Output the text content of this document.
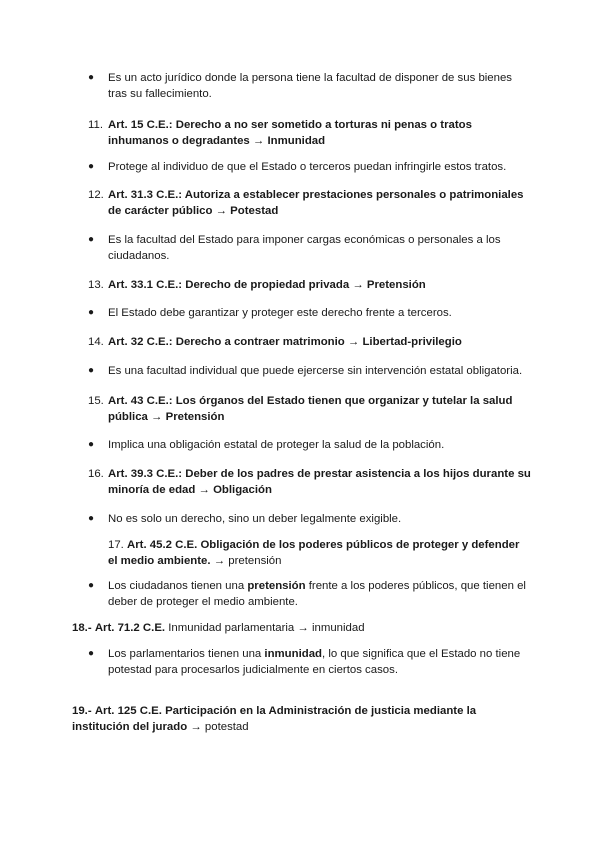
● Es un acto jurídico donde la persona tiene la facultad de disponer de sus bienes tras su fallecimiento.
11. Art. 15 C.E.: Derecho a no ser sometido a torturas ni penas o tratos inhumanos o degradantes → Inmunidad
● Protege al individuo de que el Estado o terceros puedan infringirle estos tratos.
12. Art. 31.3 C.E.: Autoriza a establecer prestaciones personales o patrimoniales de carácter público → Potestad
● Es la facultad del Estado para imponer cargas económicas o personales a los ciudadanos.
13. Art. 33.1 C.E.: Derecho de propiedad privada → Pretensión
● El Estado debe garantizar y proteger este derecho frente a terceros.
14. Art. 32 C.E.: Derecho a contraer matrimonio → Libertad-privilegio
● Es una facultad individual que puede ejercerse sin intervención estatal obligatoria.
15. Art. 43 C.E.: Los órganos del Estado tienen que organizar y tutelar la salud pública → Pretensión
● Implica una obligación estatal de proteger la salud de la población.
16. Art. 39.3 C.E.: Deber de los padres de prestar asistencia a los hijos durante su minoría de edad → Obligación
● No es solo un derecho, sino un deber legalmente exigible.
17. Art. 45.2 C.E. Obligación de los poderes públicos de proteger y defender el medio ambiente. → pretensión
● Los ciudadanos tienen una pretensión frente a los poderes públicos, que tienen el deber de proteger el medio ambiente.
18.- Art. 71.2 C.E. Inmunidad parlamentaria → inmunidad
● Los parlamentarios tienen una inmunidad, lo que significa que el Estado no tiene potestad para procesarlos judicialmente en ciertos casos.
19.- Art. 125 C.E. Participación en la Administración de justicia mediante la institución del jurado → potestad
